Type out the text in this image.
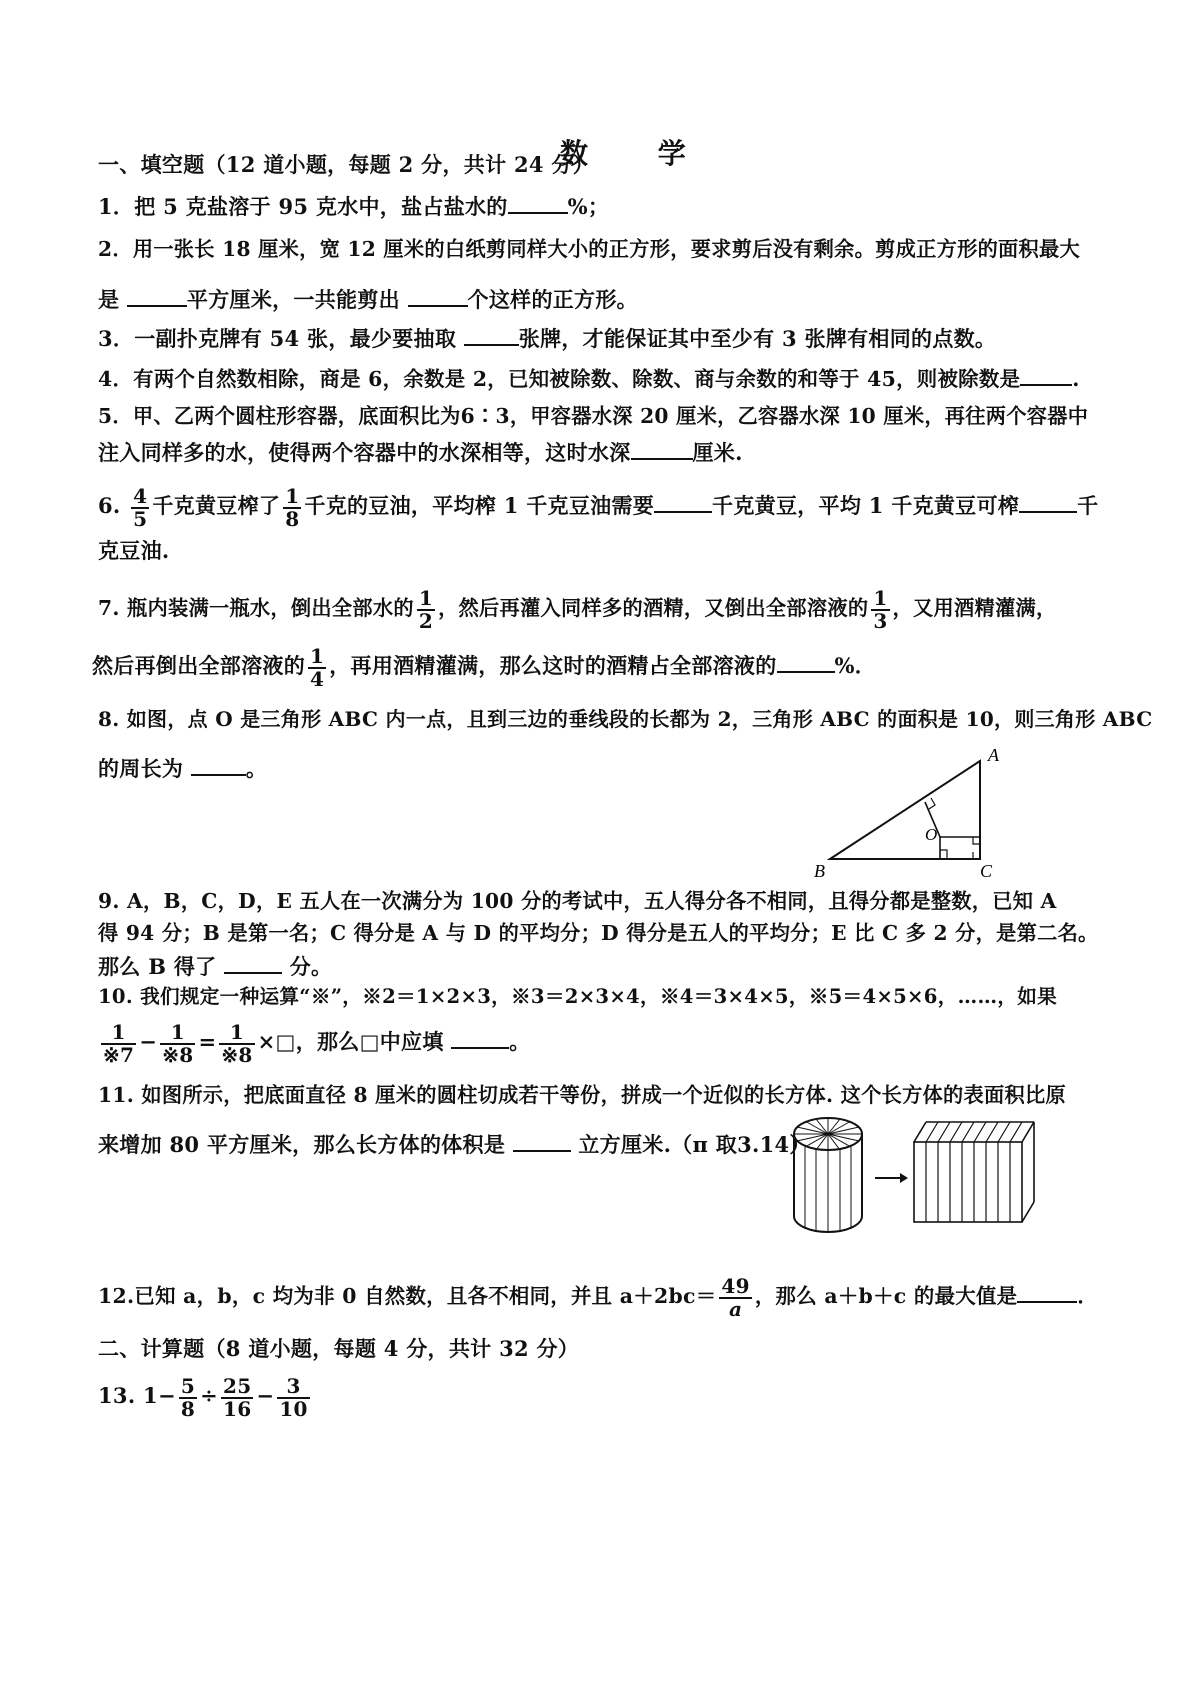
数 学
一、填空题（12 道小题，每题 2 分，共计 24 分）
1．把 5 克盐溶于 95 克水中，盐占盐水的	%；
2．用一张长 18 厘米，宽 12 厘米的白纸剪同样大小的正方形，要求剪后没有剩余。剪成正方形的面积最大
是	平方厘米，一共能剪出	个这样的正方形。
3．一副扑克牌有 54 张，最少要抽取	张牌，才能保证其中至少有 3 张牌有相同的点数。
4．有两个自然数相除，商是 6，余数是 2，已知被除数、除数、商与余数的和等于 45，则被除数是	.
5．甲、乙两个圆柱形容器，底面积比为6∶3，甲容器水深 20 厘米，乙容器水深 10 厘米，再往两个容器中
注入同样多的水，使得两个容器中的水深相等，这时水深	厘米.
6. $\frac{4}{5}$ 千克黄豆榨了 $\frac{1}{8}$ 千克的豆油，平均榨 1 千克豆油需要	千克黄豆，平均 1 千克黄豆可榨	千
克豆油.
7. 瓶内装满一瓶水，倒出全部水的 $\frac{1}{2}$ ，然后再灌入同样多的酒精，又倒出全部溶液的 $\frac{1}{3}$ ，又用酒精灌满，
然后再倒出全部溶液的 $\frac{1}{4}$ ，再用酒精灌满，那么这时的酒精占全部溶液的	%．
8. 如图，点 O 是三角形 ABC 内一点，且到三边的垂线段的长都为 2，三角形 ABC 的面积是 10，则三角形 ABC
的周长为	。
A
B	C
O
9. A，B，C，D，E 五人在一次满分为 100 分的考试中，五人得分各不相同，且得分都是整数，已知 A
得 94 分；B 是第一名；C 得分是 A 与 D 的平均分；D 得分是五人的平均分；E 比 C 多 2 分，是第二名。
那么 B 得了	分。
10. 我们规定一种运算“※”，※2＝1×2×3，※3＝2×3×4，※4＝3×4×5，※5＝4×5×6，……，如果
$\frac{1}{※7} - \frac{1}{※8} = \frac{1}{※8}$ ×□，那么□中应填	。
11. 如图所示，把底面直径 8 厘米的圆柱切成若干等份，拼成一个近似的长方体. 这个长方体的表面积比原
来增加 80 平方厘米，那么长方体的体积是	立方厘米.（π 取3.14）
12.已知 a，b，c 均为非 0 自然数，且各不相同，并且 $a+2bc= \frac{49}{a}$ ，那么 a＋b＋c 的最大值是	．
二、计算题（8 道小题，每题 4 分，共计 32 分）
13. $1- \frac{5}{8} \div \frac{25}{16} - \frac{3}{10}$
